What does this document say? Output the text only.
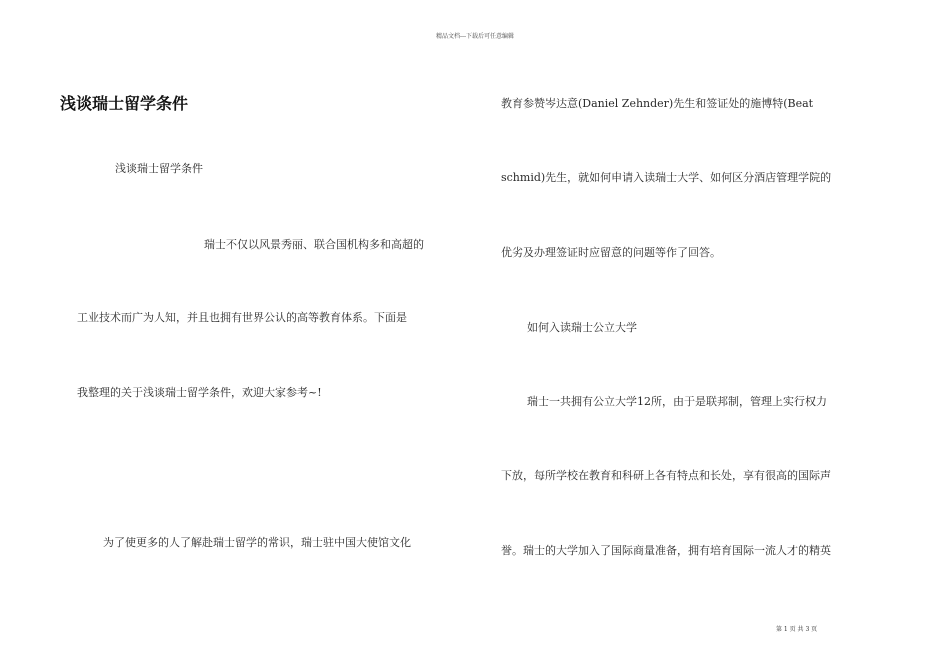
精品文档---下载后可任意编辑
浅谈瑞士留学条件
浅谈瑞士留学条件
瑞士不仅以风景秀丽、联合国机构多和高超的
工业技术而广为人知，并且也拥有世界公认的高等教育体系。下面是
我整理的关于浅谈瑞士留学条件，欢迎大家参考~!
为了使更多的人了解赴瑞士留学的常识，瑞士驻中国大使馆文化
教育参赞岑达意(Daniel Zehnder)先生和签证处的施博特(Beat
schmid)先生，就如何申请入读瑞士大学、如何区分酒店管理学院的
优劣及办理签证时应留意的问题等作了回答。
如何入读瑞士公立大学
瑞士一共拥有公立大学12所，由于是联邦制，管理上实行权力
下放，每所学校在教育和科研上各有特点和长处，享有很高的国际声
誉。瑞士的大学加入了国际商量准备，拥有培育国际一流人才的精英
第 1 页 共 3 页
